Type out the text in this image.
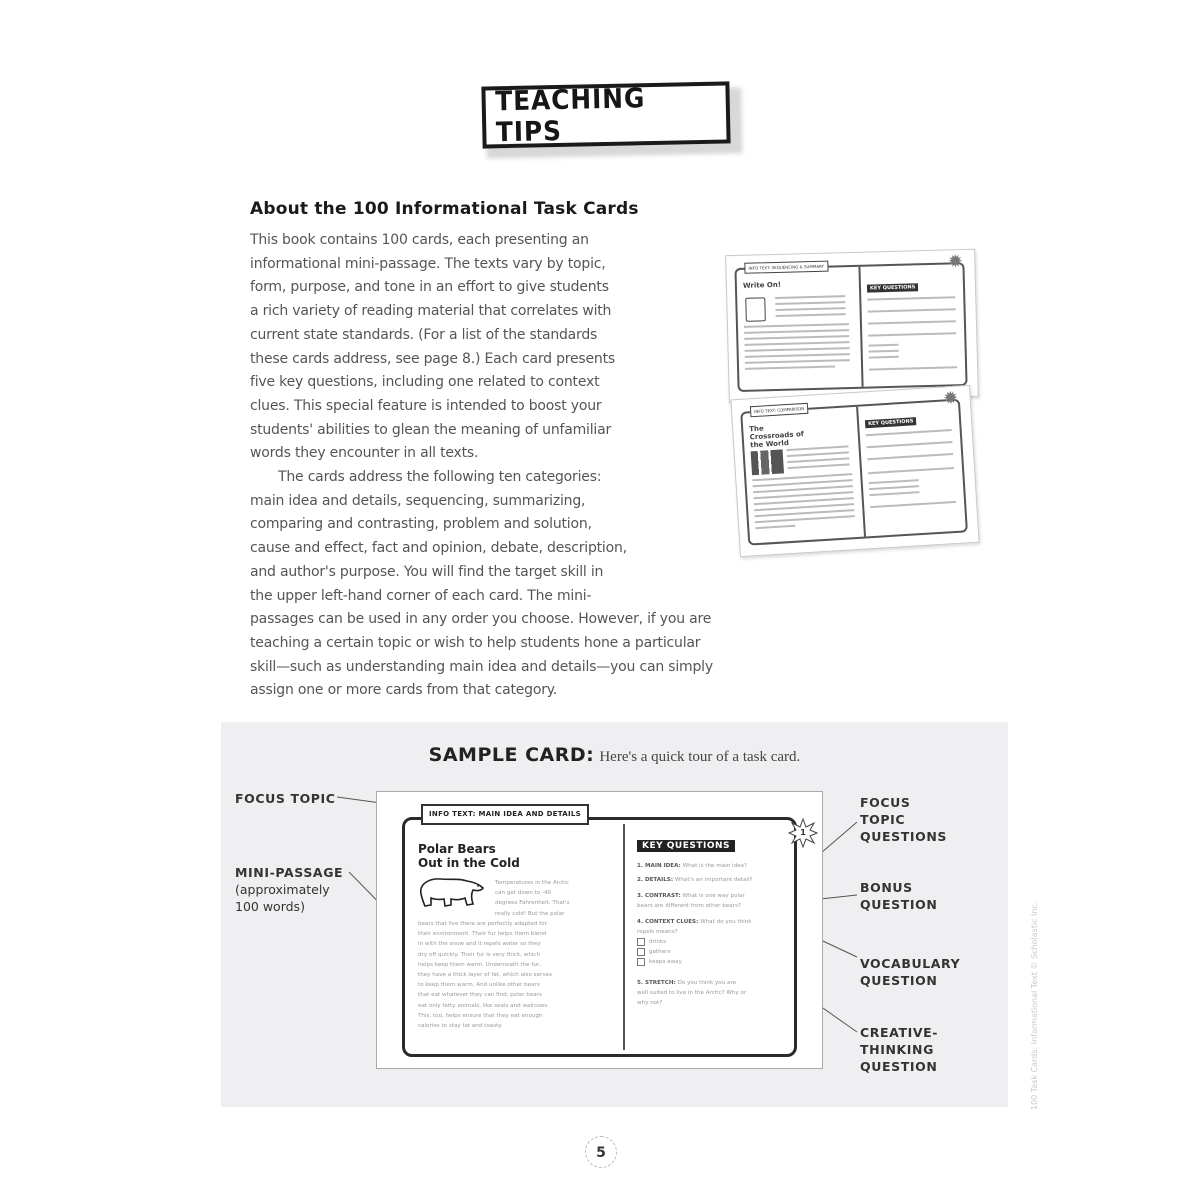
TEACHING TIPS
About the 100 Informational Task Cards
This book contains 100 cards, each presenting an
informational mini-passage. The texts vary by topic,
form, purpose, and tone in an effort to give students
a rich variety of reading material that correlates with
current state standards. (For a list of the standards
these cards address, see page 8.) Each card presents
five key questions, including one related to context
clues. This special feature is intended to boost your
students' abilities to glean the meaning of unfamiliar
words they encounter in all texts.
The cards address the following ten categories:
main idea and details, sequencing, summarizing,
comparing and contrasting, problem and solution,
cause and effect, fact and opinion, debate, description,
and author's purpose. You will find the target skill in
the upper left-hand corner of each card. The mini-
passages can be used in any order you choose. However, if you are
teaching a certain topic or wish to help students hone a particular
skill—such as understanding main idea and details—you can simply
assign one or more cards from that category.
INFO TEXT: SEQUENCING & SUMMARY
Write On!	KEY QUESTIONS
✹
INFO TEXT: COMPARISON
The Crossroads of the World
KEY QUESTIONS
✹
SAMPLE CARD: Here's a quick tour of a task card.
FOCUS TOPIC
MINI-PASSAGE
(approximately
100 words)
FOCUS
TOPIC
QUESTIONS
BONUS
QUESTION
VOCABULARY
QUESTION
CREATIVE-
THINKING
QUESTION
INFO TEXT: MAIN IDEA AND DETAILS
Polar Bears
Out in the Cold
Temperatures in the Arctic
can get down to -40
degrees Fahrenheit. That's
really cold! But the polar
bears that live there are perfectly adapted for
their environment. Their fur helps them blend
in with the snow and it repels water so they
dry off quickly. Their fur is very thick, which
helps keep them warm. Underneath the fur,
they have a thick layer of fat, which also serves
to keep them warm. And unlike other bears
that eat whatever they can find, polar bears
eat only fatty animals, like seals and walruses.
This, too, helps ensure that they eat enough
calories to stay fat and toasty.
KEY QUESTIONS
1. MAIN IDEA: What is the main idea?
2. DETAILS: What's an important detail?
3. CONTRAST: What is one way polar
bears are different from other bears?
4. CONTEXT CLUES: What do you think
repels means?
drinks
gathers
keeps away
5. STRETCH: Do you think you are
well suited to live in the Arctic? Why or
why not?
1
5
100 Task Cards: Informational Text © Scholastic Inc.
